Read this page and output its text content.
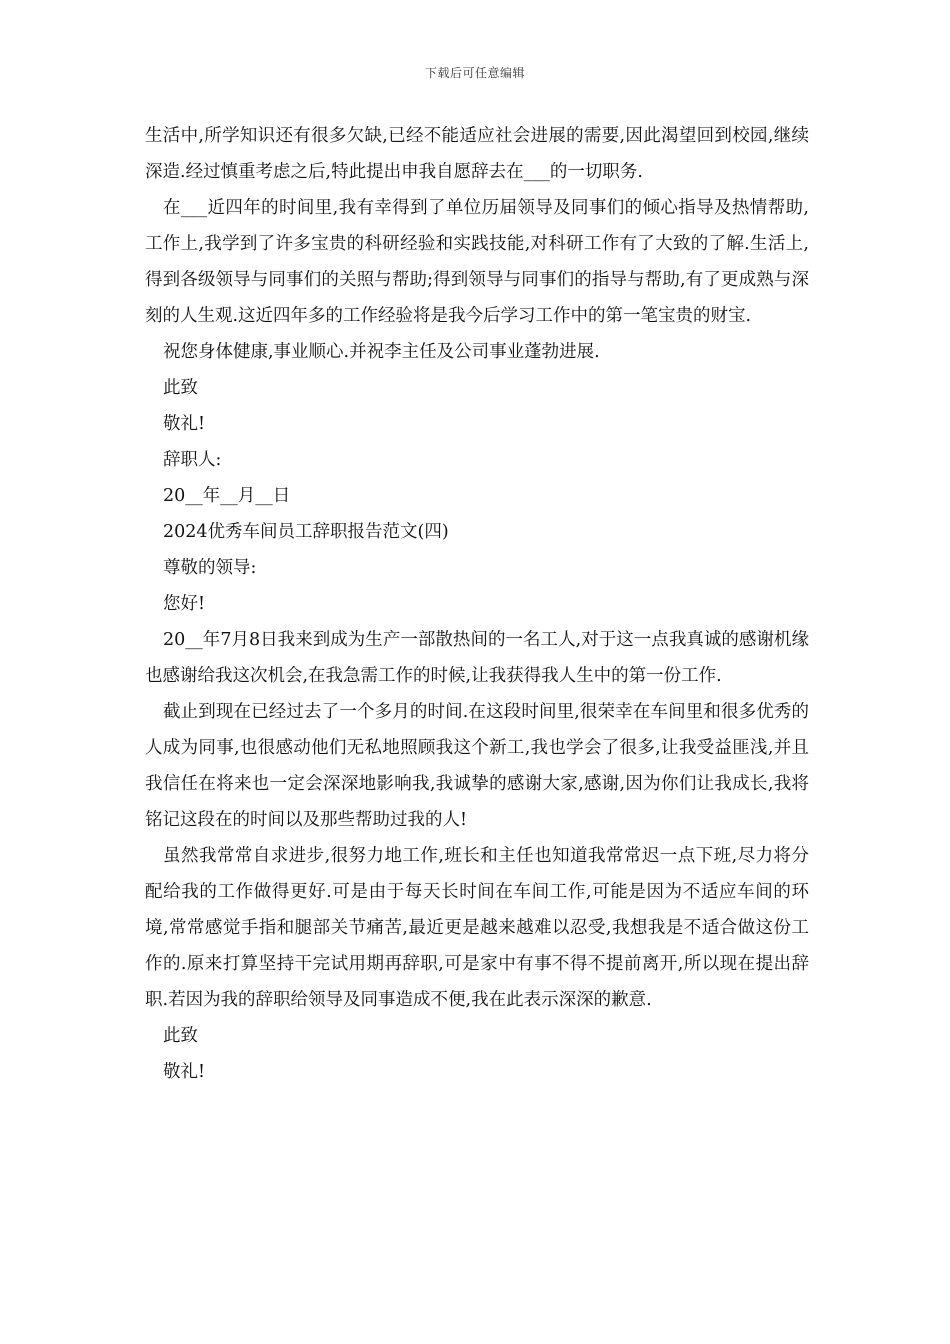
下载后可任意编辑

生活中,所学知识还有很多欠缺,已经不能适应社会进展的需要,因此渴望回到校园,继续深造.经过慎重考虑之后,特此提出申我自愿辞去在___的一切职务.

在___近四年的时间里,我有幸得到了单位历届领导及同事们的倾心指导及热情帮助,工作上,我学到了许多宝贵的科研经验和实践技能,对科研工作有了大致的了解.生活上,得到各级领导与同事们的关照与帮助;得到领导与同事们的指导与帮助,有了更成熟与深刻的人生观.这近四年多的工作经验将是我今后学习工作中的第一笔宝贵的财宝.

祝您身体健康,事业顺心.并祝李主任及公司事业蓬勃进展.

此致

敬礼!

辞职人:

20__年__月__日

2024优秀车间员工辞职报告范文(四)

尊敬的领导:

您好!

20__年7月8日我来到成为生产一部散热间的一名工人,对于这一点我真诚的感谢机缘也感谢给我这次机会,在我急需工作的时候,让我获得我人生中的第一份工作.

截止到现在已经过去了一个多月的时间.在这段时间里,很荣幸在车间里和很多优秀的人成为同事,也很感动他们无私地照顾我这个新工,我也学会了很多,让我受益匪浅,并且我信任在将来也一定会深深地影响我,我诚挚的感谢大家,感谢,因为你们让我成长,我将铭记这段在的时间以及那些帮助过我的人!

虽然我常常自求进步,很努力地工作,班长和主任也知道我常常迟一点下班,尽力将分配给我的工作做得更好.可是由于每天长时间在车间工作,可能是因为不适应车间的环境,常常感觉手指和腿部关节痛苦,最近更是越来越难以忍受,我想我是不适合做这份工作的.原来打算坚持干完试用期再辞职,可是家中有事不得不提前离开,所以现在提出辞职.若因为我的辞职给领导及同事造成不便,我在此表示深深的歉意.

此致

敬礼!
